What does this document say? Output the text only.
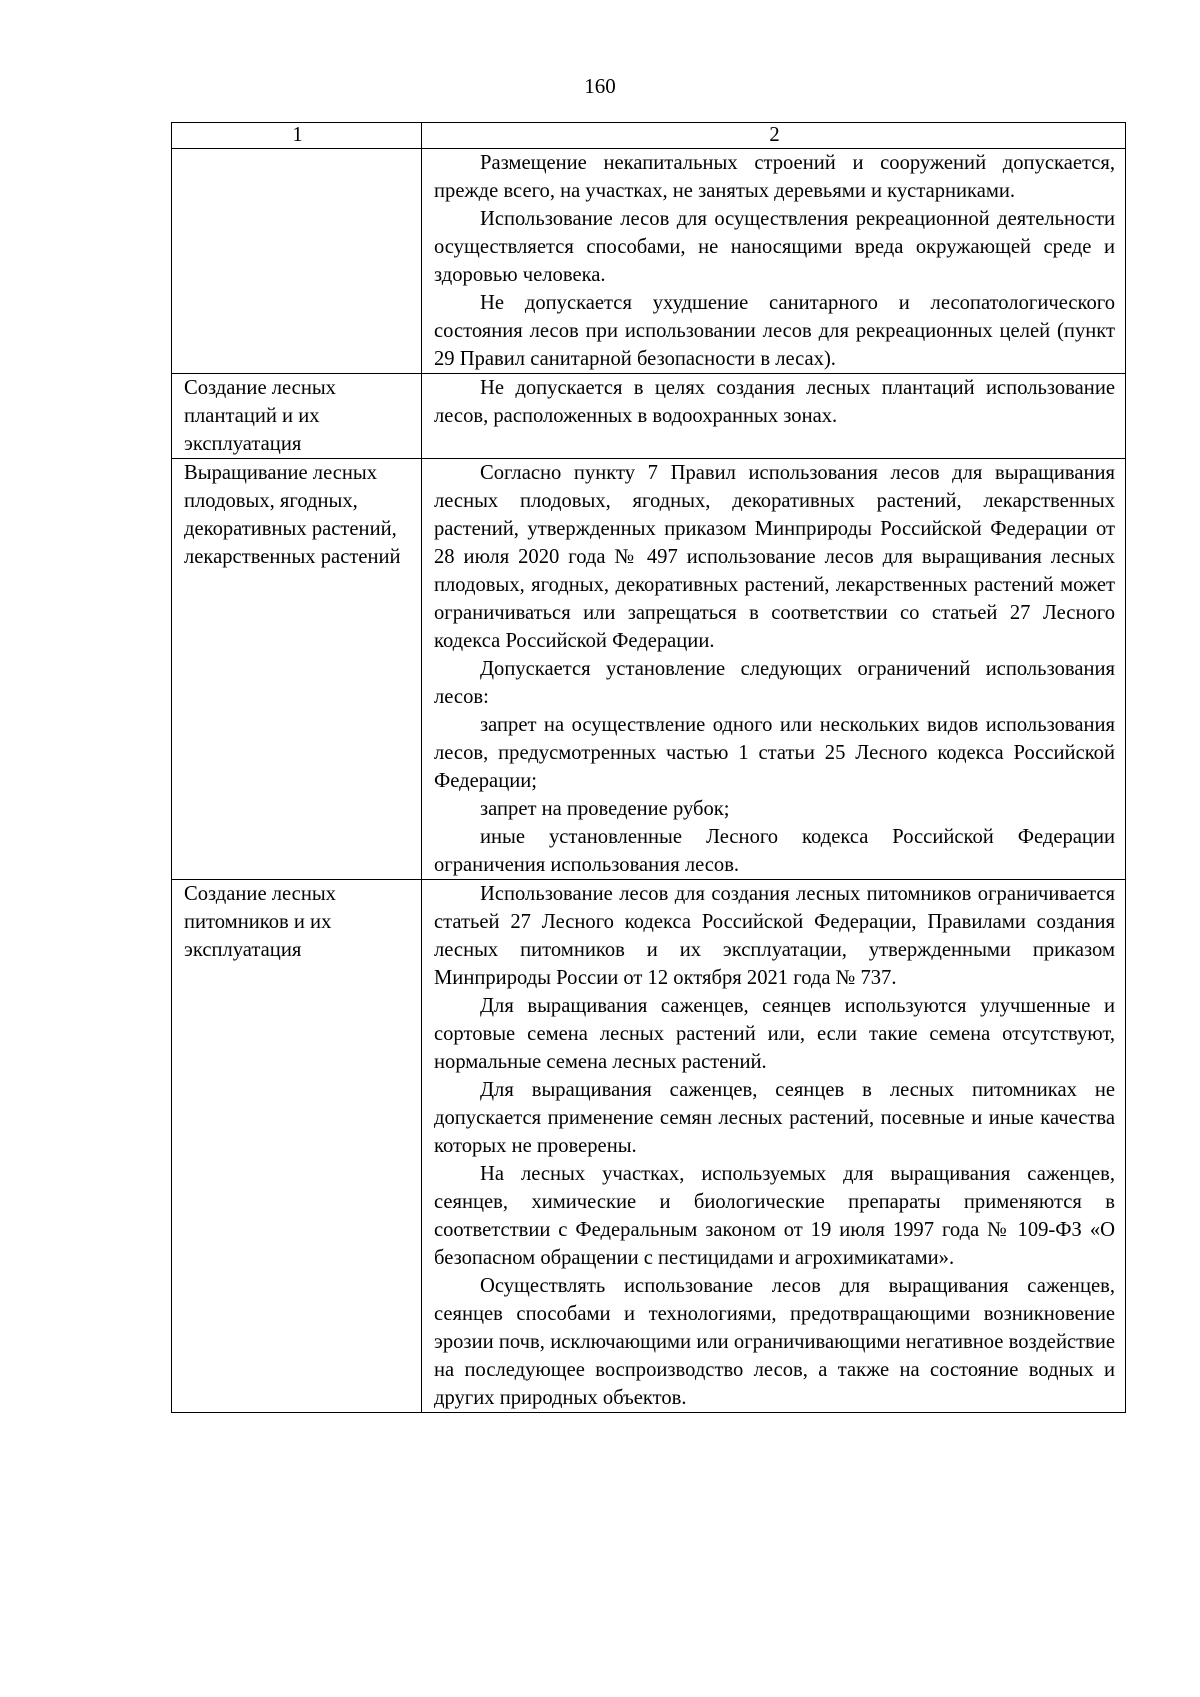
160
1	2

	Размещение некапитальных строений и сооружений допускается, прежде всего, на участках, не занятых деревьями и кустарниками.

Использование лесов для осуществления рекреационной деятельности осуществляется способами, не наносящими вреда окружающей среде и здоровью человека.

Не допускается ухудшение санитарного и лесопатологического состояния лесов при использовании лесов для рекреационных целей (пункт 29 Правил санитарной безопасности в лесах).

Создание лесных плантаций и их эксплуатация	Не допускается в целях создания лесных плантаций использование лесов, расположенных в водоохранных зонах.

Выращивание лесных плодовых, ягодных, декоративных растений, лекарственных растений	Согласно пункту 7 Правил использования лесов для выращивания лесных плодовых, ягодных, декоративных растений, лекарственных растений, утвержденных приказом Минприроды Российской Федерации от 28 июля 2020 года № 497 использование лесов для выращивания лесных плодовых, ягодных, декоративных растений, лекарственных растений может ограничиваться или запрещаться в соответствии со статьей 27 Лесного кодекса Российской Федерации.

Допускается установление следующих ограничений использования лесов:

запрет на осуществление одного или нескольких видов использования лесов, предусмотренных частью 1 статьи 25 Лесного кодекса Российской Федерации;

запрет на проведение рубок;

иные установленные Лесного кодекса Российской Федерации ограничения использования лесов.

Создание лесных питомников и их эксплуатация	Использование лесов для создания лесных питомников ограничивается статьей 27 Лесного кодекса Российской Федерации, Правилами создания лесных питомников и их эксплуатации, утвержденными приказом Минприроды России от 12 октября 2021 года № 737.

Для выращивания саженцев, сеянцев используются улучшенные и сортовые семена лесных растений или, если такие семена отсутствуют, нормальные семена лесных растений.

Для выращивания саженцев, сеянцев в лесных питомниках не допускается применение семян лесных растений, посевные и иные качества которых не проверены.

На лесных участках, используемых для выращивания саженцев, сеянцев, химические и биологические препараты применяются в соответствии с Федеральным законом от 19 июля 1997 года № 109-ФЗ «О безопасном обращении с пестицидами и агрохимикатами».

Осуществлять использование лесов для выращивания саженцев, сеянцев способами и технологиями, предотвращающими возникновение эрозии почв, исключающими или ограничивающими негативное воздействие на последующее воспроизводство лесов, а также на состояние водных и других природных объектов.
